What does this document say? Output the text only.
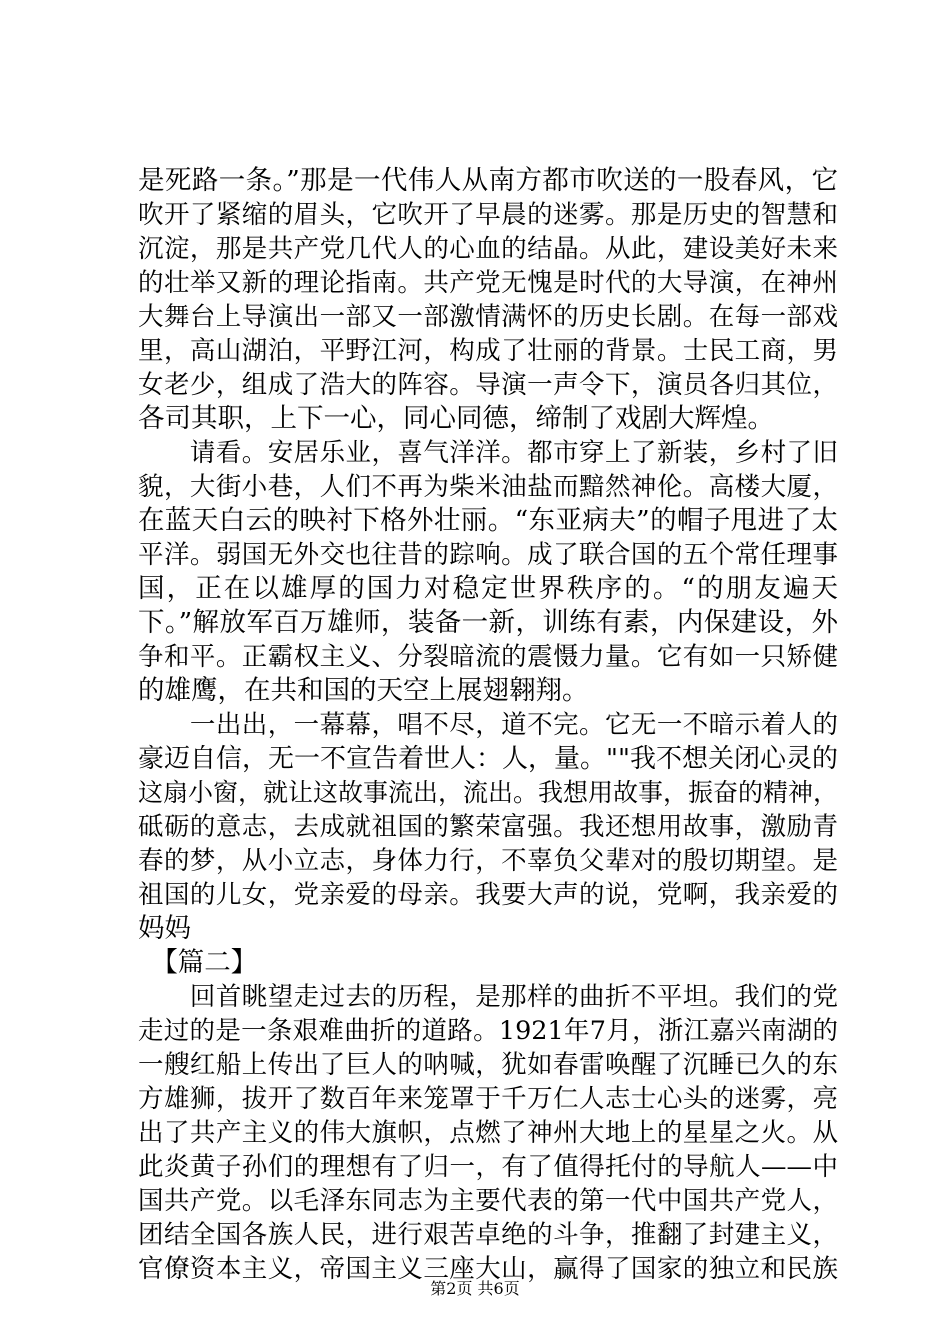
是死路一条。”那是一代伟人从南方都市吹送的一股春风，它
吹开了紧缩的眉头，它吹开了早晨的迷雾。那是历史的智慧和
沉淀，那是共产党几代人的心血的结晶。从此，建设美好未来
的壮举又新的理论指南。共产党无愧是时代的大导演，在神州
大舞台上导演出一部又一部激情满怀的历史长剧。在每一部戏
里，高山湖泊，平野江河，构成了壮丽的背景。士民工商，男
女老少，组成了浩大的阵容。导演一声令下，演员各归其位，
各司其职，上下一心，同心同德，缔制了戏剧大辉煌。
　　请看。安居乐业，喜气洋洋。都市穿上了新装，乡村了旧
貌，大街小巷，人们不再为柴米油盐而黯然神伦。高楼大厦，
在蓝天白云的映衬下格外壮丽。“东亚病夫”的帽子甩进了太
平洋。弱国无外交也往昔的踪响。成了联合国的五个常任理事
国，正在以雄厚的国力对稳定世界秩序的。“的朋友遍天
下。”解放军百万雄师，装备一新，训练有素，内保建设，外
争和平。正霸权主义、分裂暗流的震慑力量。它有如一只矫健
的雄鹰，在共和国的天空上展翅翱翔。
　　一出出，一幕幕，唱不尽，道不完。它无一不暗示着人的
豪迈自信，无一不宣告着世人：人，量。""我不想关闭心灵的
这扇小窗，就让这故事流出，流出。我想用故事，振奋的精神，
砥砺的意志，去成就祖国的繁荣富强。我还想用故事，激励青
春的梦，从小立志，身体力行，不辜负父辈对的殷切期望。是
祖国的儿女，党亲爱的母亲。我要大声的说，党啊，我亲爱的
妈妈
　【篇二】
　　回首眺望走过去的历程，是那样的曲折不平坦。我们的党
走过的是一条艰难曲折的道路。1921年7月，浙江嘉兴南湖的
一艘红船上传出了巨人的呐喊，犹如春雷唤醒了沉睡已久的东
方雄狮，拔开了数百年来笼罩于千万仁人志士心头的迷雾，亮
出了共产主义的伟大旗帜，点燃了神州大地上的星星之火。从
此炎黄子孙们的理想有了归一，有了值得托付的导航人——中
国共产党。以毛泽东同志为主要代表的第一代中国共产党人，
团结全国各族人民，进行艰苦卓绝的斗争，推翻了封建主义，
官僚资本主义，帝国主义三座大山，赢得了国家的独立和民族
第2页 共6页
